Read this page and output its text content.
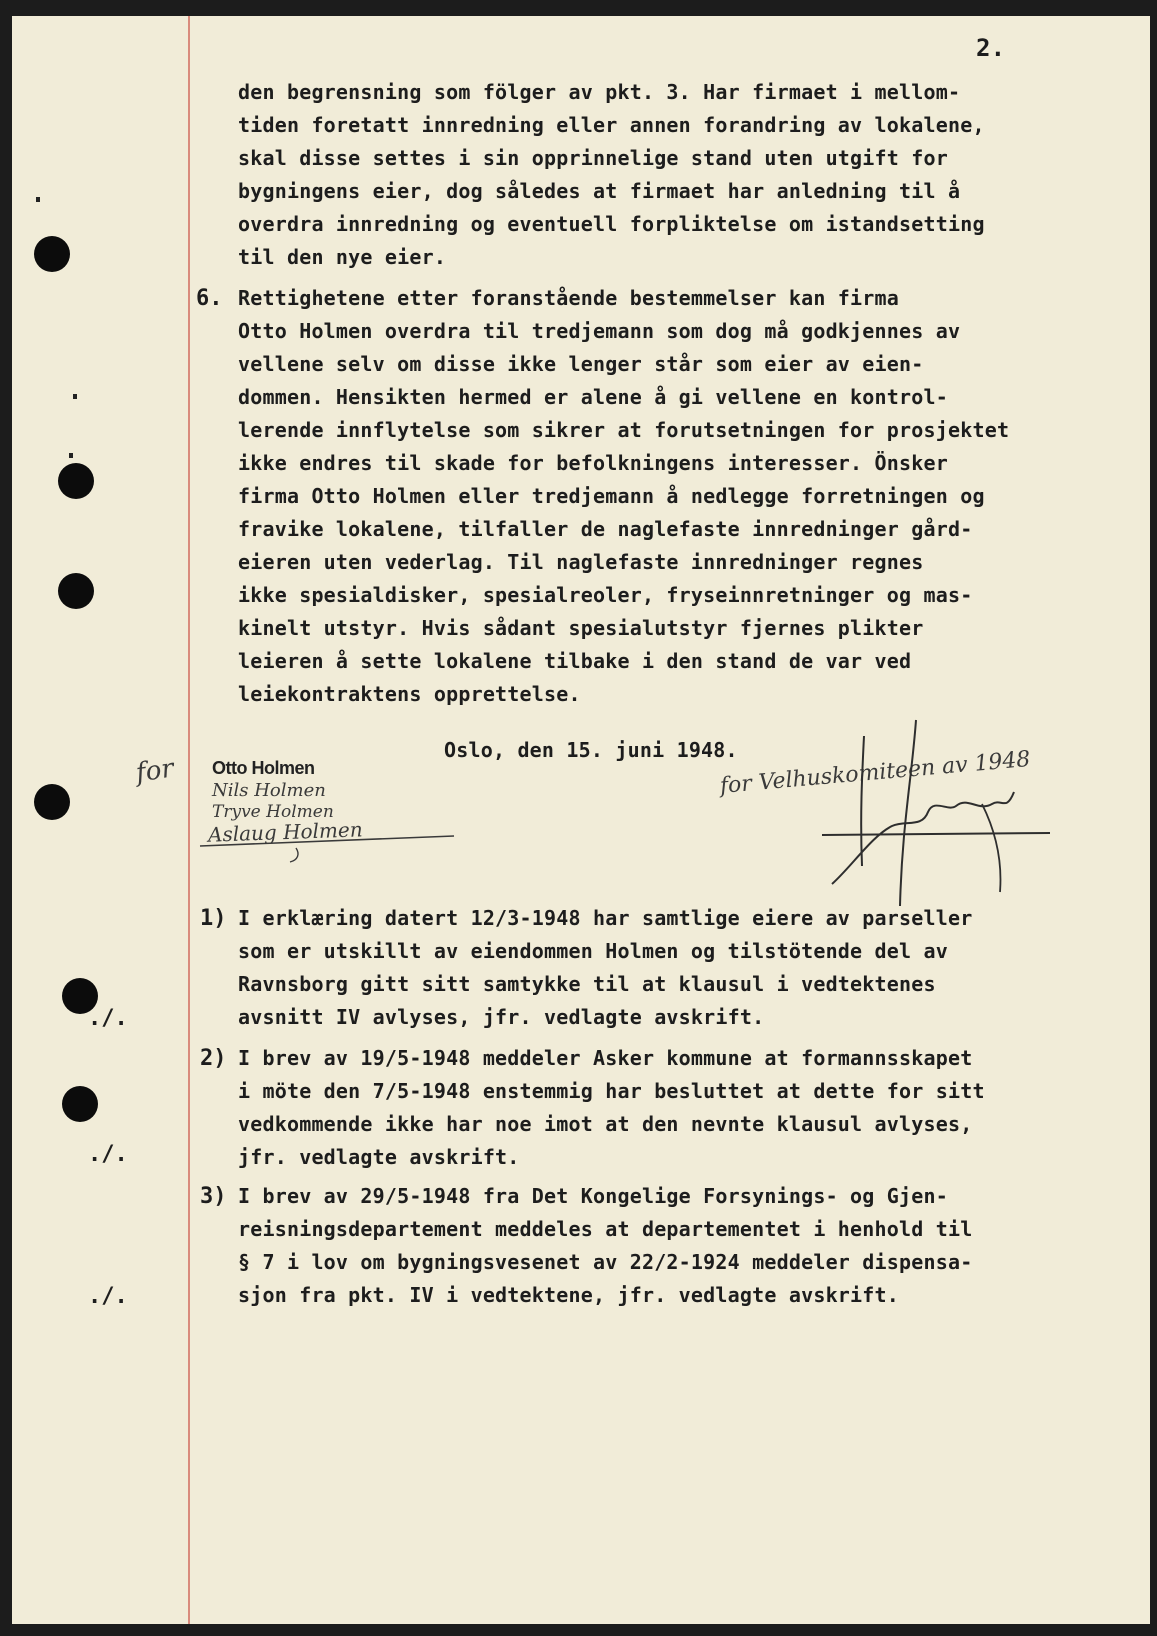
2.

den begrensning som fölger av pkt. 3. Har firmaet i mellom-

tiden foretatt innredning eller annen forandring av lokalene,

skal disse settes i sin opprinnelige stand uten utgift for

bygningens eier, dog således at firmaet har anledning til å

overdra innredning og eventuell forpliktelse om istandsetting

til den nye eier.

6.

Rettighetene etter foranstående bestemmelser kan firma

Otto Holmen overdra til tredjemann som dog må godkjennes av

vellene selv om disse ikke lenger står som eier av eien-

dommen. Hensikten hermed er alene å gi vellene en kontrol-

lerende innflytelse som sikrer at forutsetningen for prosjektet

ikke endres til skade for befolkningens interesser. Önsker

firma Otto Holmen eller tredjemann å nedlegge forretningen og

fravike lokalene, tilfaller de naglefaste innredninger gård-

eieren uten vederlag. Til naglefaste innredninger regnes

ikke spesialdisker, spesialreoler, fryseinnretninger og mas-

kinelt utstyr. Hvis sådant spesialutstyr fjernes plikter

leieren å sette lokalene tilbake i den stand de var ved

leiekontraktens opprettelse.

Oslo, den 15. juni 1948.
for Otto Holmen
Nils Holmen
Tryve Holmen
Aslaug Holmen
for Velhuskomiteen av 1948
1)
./.

I erklæring datert 12/3-1948 har samtlige eiere av parseller

som er utskillt av eiendommen Holmen og tilstötende del av

Ravnsborg gitt sitt samtykke til at klausul i vedtektenes

avsnitt IV avlyses, jfr. vedlagte avskrift.

2)
./.

I brev av 19/5-1948 meddeler Asker kommune at formannsskapet

i möte den 7/5-1948 enstemmig har besluttet at dette for sitt

vedkommende ikke har noe imot at den nevnte klausul avlyses,

jfr. vedlagte avskrift.

3)
./.

I brev av 29/5-1948 fra Det Kongelige Forsynings- og Gjen-

reisningsdepartement meddeles at departementet i henhold til

§ 7 i lov om bygningsvesenet av 22/2-1924 meddeler dispensa-

sjon fra pkt. IV i vedtektene, jfr. vedlagte avskrift.
